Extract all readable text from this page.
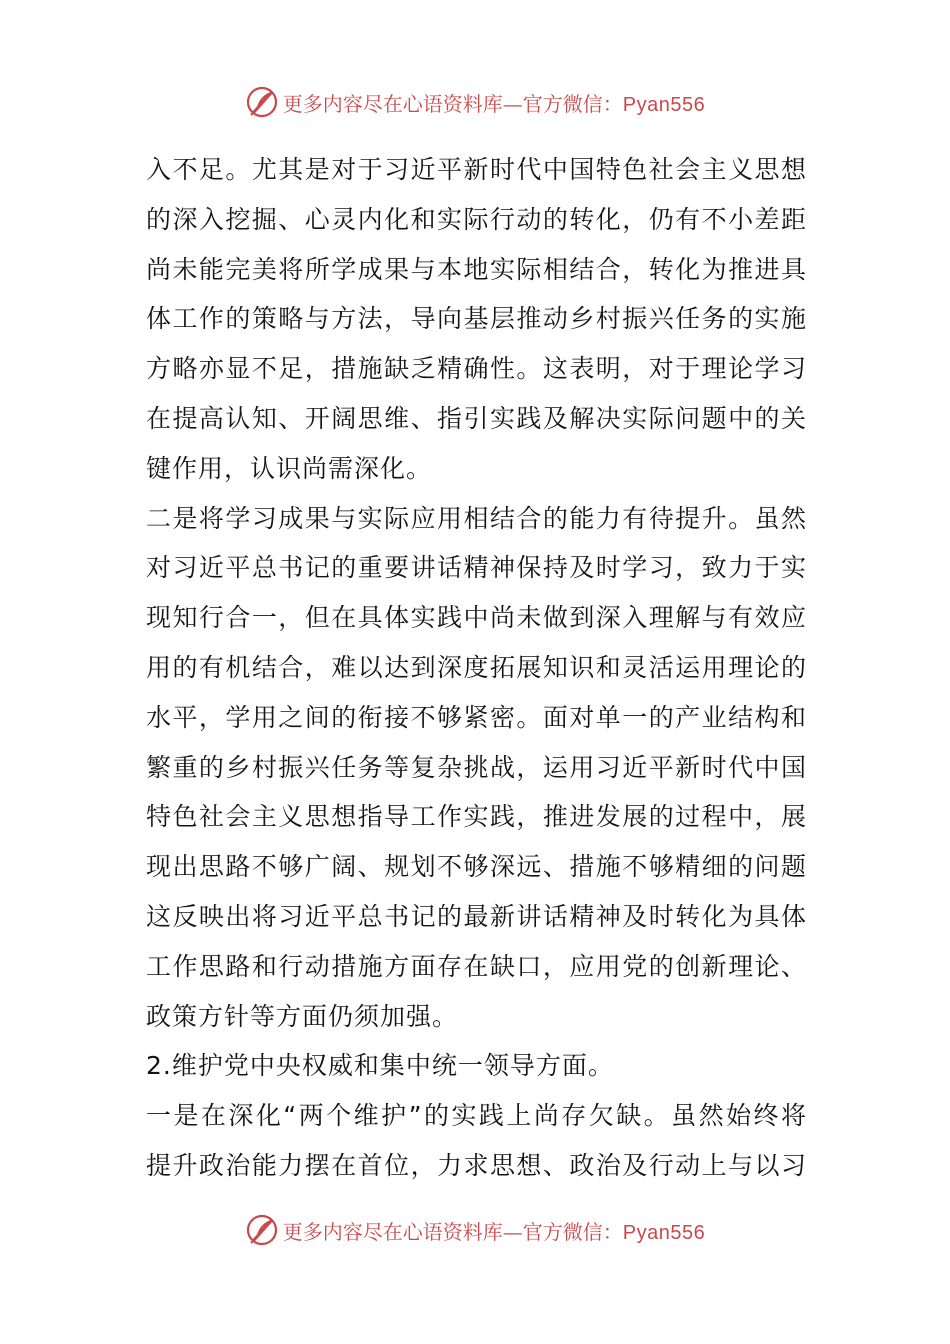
更多内容尽在心语资料库—官方微信：Pyan556
入不足。尤其是对于习近平新时代中国特色社会主义思想
的深入挖掘、心灵内化和实际行动的转化，仍有不小差距
尚未能完美将所学成果与本地实际相结合，转化为推进具
体工作的策略与方法，导向基层推动乡村振兴任务的实施
方略亦显不足，措施缺乏精确性。这表明，对于理论学习
在提高认知、开阔思维、指引实践及解决实际问题中的关
键作用，认识尚需深化。
二是将学习成果与实际应用相结合的能力有待提升。虽然
对习近平总书记的重要讲话精神保持及时学习，致力于实
现知行合一，但在具体实践中尚未做到深入理解与有效应
用的有机结合，难以达到深度拓展知识和灵活运用理论的
水平，学用之间的衔接不够紧密。面对单一的产业结构和
繁重的乡村振兴任务等复杂挑战，运用习近平新时代中国
特色社会主义思想指导工作实践，推进发展的过程中，展
现出思路不够广阔、规划不够深远、措施不够精细的问题
这反映出将习近平总书记的最新讲话精神及时转化为具体
工作思路和行动措施方面存在缺口，应用党的创新理论、
政策方针等方面仍须加强。
2.维护党中央权威和集中统一领导方面。
一是在深化“两个维护”的实践上尚存欠缺。虽然始终将
提升政治能力摆在首位，力求思想、政治及行动上与以习
更多内容尽在心语资料库—官方微信：Pyan556
